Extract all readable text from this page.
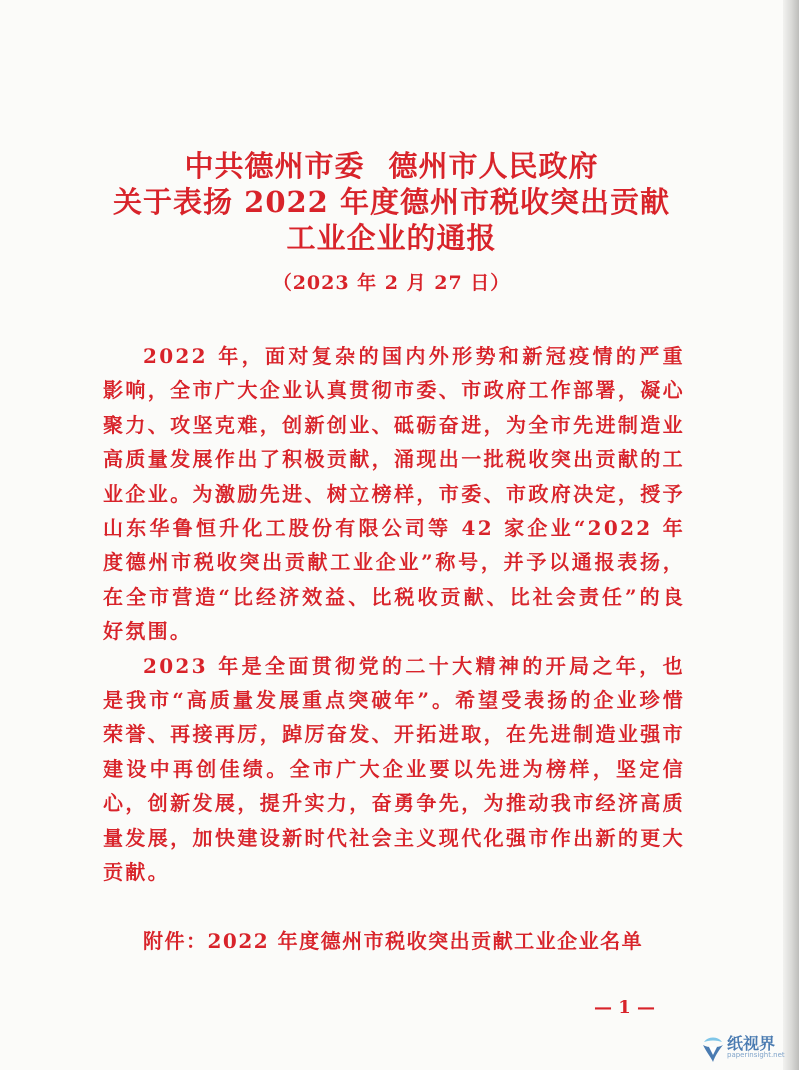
中共德州市委 德州市人民政府
关于表扬 2022 年度德州市税收突出贡献
工业企业的通报
（2023 年 2 月 27 日）

2022 年，面对复杂的国内外形势和新冠疫情的严重影响，全市广大企业认真贯彻市委、市政府工作部署，凝心聚力、攻坚克难，创新创业、砥砺奋进，为全市先进制造业高质量发展作出了积极贡献，涌现出一批税收突出贡献的工业企业。为激励先进、树立榜样，市委、市政府决定，授予山东华鲁恒升化工股份有限公司等 42 家企业“2022 年度德州市税收突出贡献工业企业”称号，并予以通报表扬，在全市营造“比经济效益、比税收贡献、比社会责任”的良好氛围。

2023 年是全面贯彻党的二十大精神的开局之年，也是我市“高质量发展重点突破年”。希望受表扬的企业珍惜荣誉、再接再厉，踔厉奋发、开拓进取，在先进制造业强市建设中再创佳绩。全市广大企业要以先进为榜样，坚定信心，创新发展，提升实力，奋勇争先，为推动我市经济高质量发展，加快建设新时代社会主义现代化强市作出新的更大贡献。

附件：2022 年度德州市税收突出贡献工业企业名单
— 1 —
纸视界
paperinsight.net
